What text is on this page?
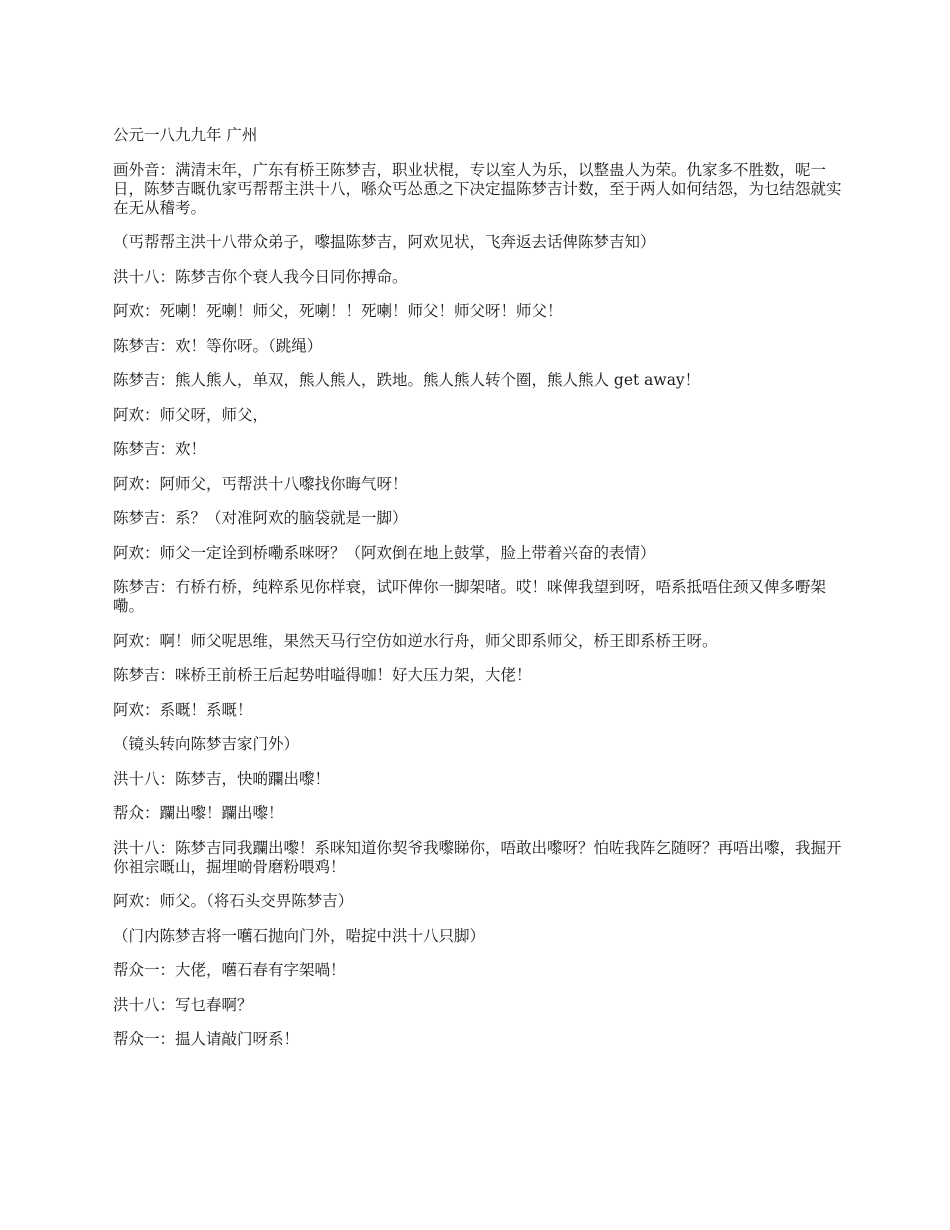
公元一八九九年 广州

画外音：满清末年，广东有桥王陈梦吉，职业状棍，专以室人为乐，以整蛊人为荣。仇家多不胜数，呢一日，陈梦吉嘅仇家丐帮帮主洪十八，喺众丐怂恿之下决定揾陈梦吉计数，至于两人如何结怨，为乜结怨就实在无从稽考。

（丐帮帮主洪十八带众弟子，嚟揾陈梦吉，阿欢见状，飞奔返去话俾陈梦吉知）

洪十八：陈梦吉你个衰人我今日同你搏命。

阿欢：死喇！死喇！师父，死喇！！死喇！师父！师父呀！师父！

陈梦吉：欢！等你呀。（跳绳）

陈梦吉：熊人熊人，单双，熊人熊人，跌地。熊人熊人转个圈，熊人熊人 get away！

阿欢：师父呀，师父，

陈梦吉：欢！

阿欢：阿师父，丐帮洪十八嚟找你晦气呀！

陈梦吉：系？（对准阿欢的脑袋就是一脚）

阿欢：师父一定诠到桥嘞系咪呀？（阿欢倒在地上鼓掌，脸上带着兴奋的表情）

陈梦吉：冇桥冇桥，纯粹系见你样衰，试吓俾你一脚架啫。哎！咪俾我望到呀，唔系抵唔住颈又俾多嘢架嘞。

阿欢：啊！师父呢思维，果然天马行空仿如逆水行舟，师父即系师父，桥王即系桥王呀。

陈梦吉：咪桥王前桥王后起势咁嗌得咖！好大压力架，大佬！

阿欢：系嘅！系嘅！

（镜头转向陈梦吉家门外）

洪十八：陈梦吉，快啲躝出嚟！

帮众：躝出嚟！躝出嚟！

洪十八：陈梦吉同我躝出嚟！系咪知道你契爷我嚟睇你，唔敢出嚟呀？怕咗我阵乞随呀？再唔出嚟，我掘开你祖宗嘅山，掘埋啲骨磨粉喂鸡！

阿欢：师父。（将石头交畀陈梦吉）

（门内陈梦吉将一嚿石抛向门外，啱掟中洪十八只脚）

帮众一：大佬，嚿石春有字架喎！

洪十八：写乜春啊？

帮众一：揾人请敲门呀系！
